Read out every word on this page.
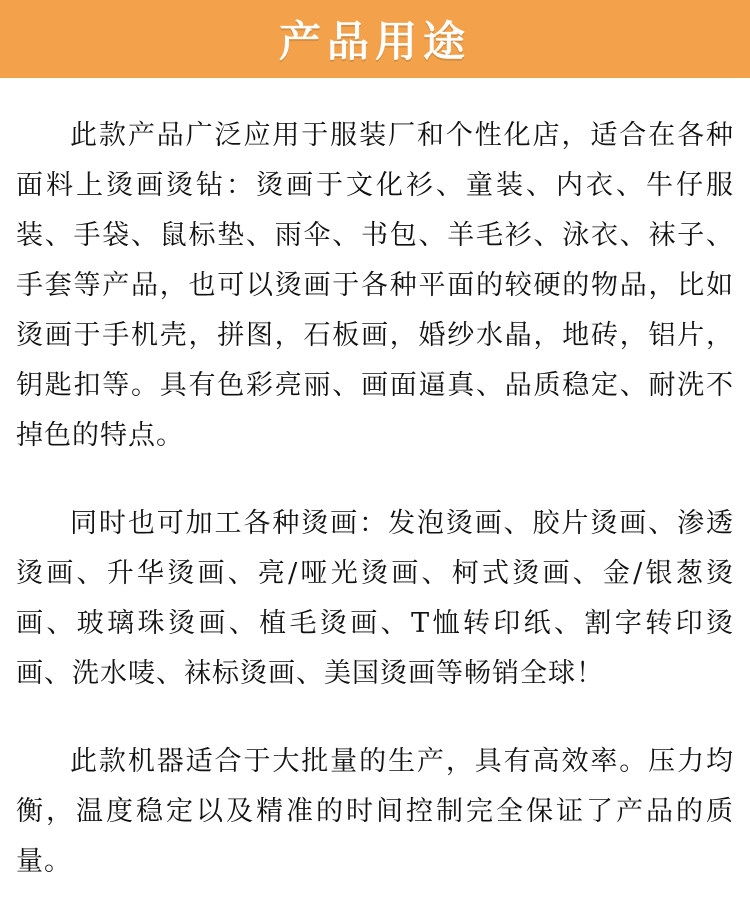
产品用途

此款产品广泛应用于服装厂和个性化店，适合在各种面料上烫画烫钻：烫画于文化衫、童装、内衣、牛仔服装、手袋、鼠标垫、雨伞、书包、羊毛衫、泳衣、袜子、手套等产品，也可以烫画于各种平面的较硬的物品，比如烫画于手机壳，拼图，石板画，婚纱水晶，地砖，铝片，钥匙扣等。具有色彩亮丽、画面逼真、品质稳定、耐洗不掉色的特点。

同时也可加工各种烫画：发泡烫画、胶片烫画、渗透烫画、升华烫画、亮/哑光烫画、柯式烫画、金/银葱烫画、玻璃珠烫画、植毛烫画、T恤转印纸、割字转印烫画、洗水唛、袜标烫画、美国烫画等畅销全球！

此款机器适合于大批量的生产，具有高效率。压力均衡，温度稳定以及精准的时间控制完全保证了产品的质量。
